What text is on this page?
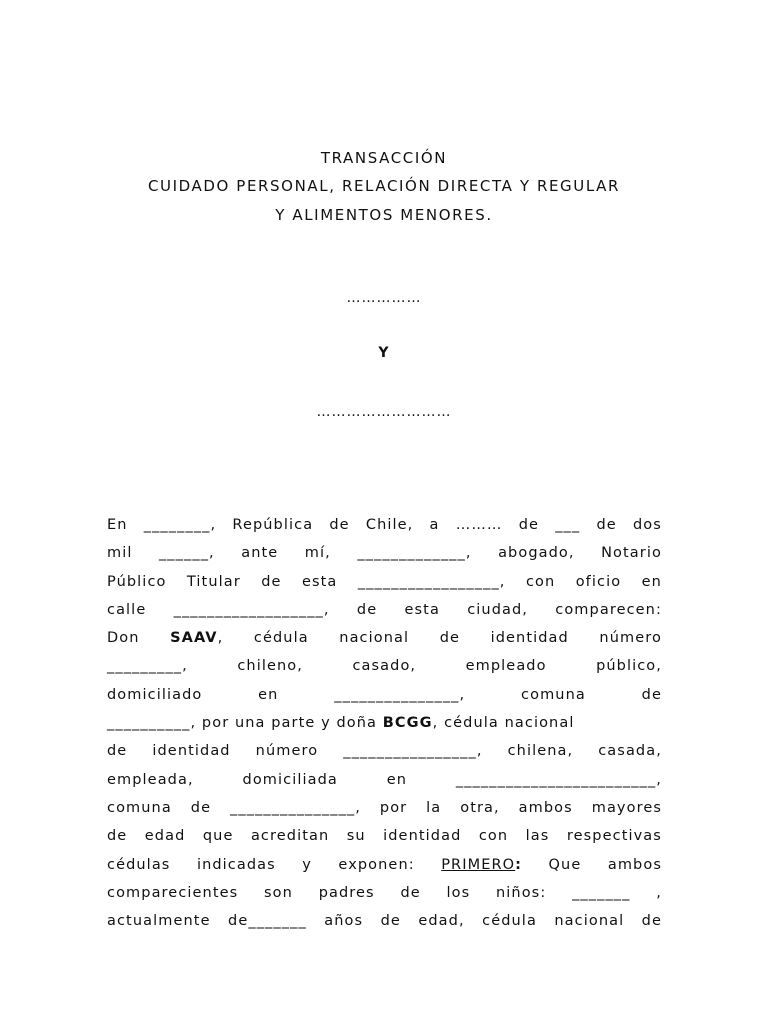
TRANSACCIÓN
CUIDADO PERSONAL, RELACIÓN DIRECTA Y REGULAR
Y ALIMENTOS MENORES.
……………
Y
………………………
En ________, República de Chile, a ……… de ___ de dos
mil ______, ante mí, _____________, abogado, Notario
Público Titular de esta _________________, con oficio en
calle __________________, de esta ciudad, comparecen:
Don SAAV, cédula nacional de identidad número
_________,	chileno,	casado,	empleado	público,
domiciliado	en	_______________,	comuna	de
__________, por una parte y doña BCGG, cédula nacional
de identidad número ________________, chilena, casada,
empleada,	domiciliada	en	________________________,
comuna de _______________, por la otra, ambos mayores
de edad que acreditan su identidad con las respectivas
cédulas indicadas y exponen: PRIMERO: Que ambos
comparecientes son padres de los niños: _______ ,
actualmente de_______ años de edad, cédula nacional de
